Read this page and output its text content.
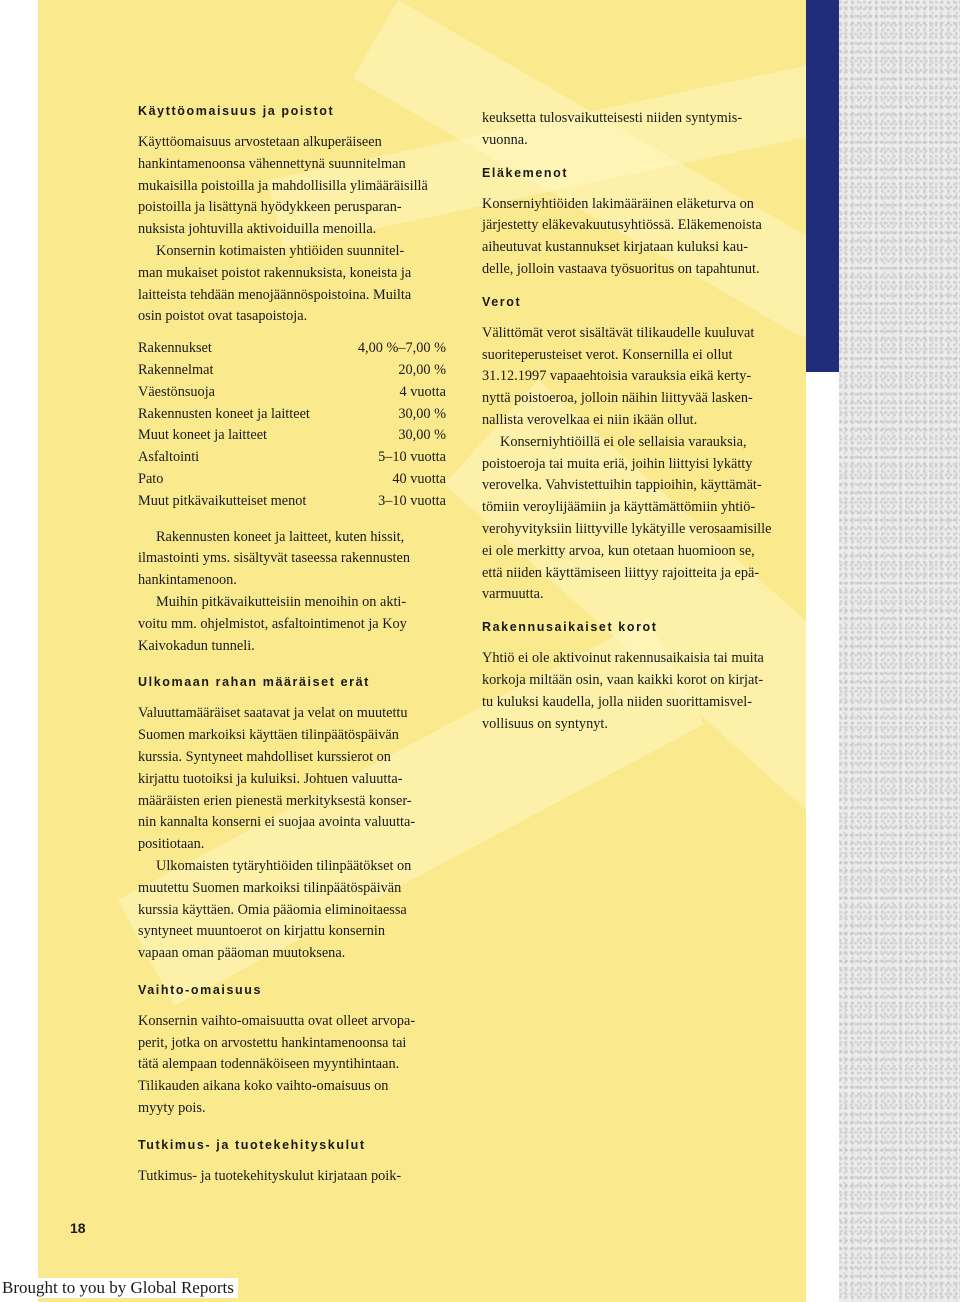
Käyttöomaisuus ja poistot

Käyttöomaisuus arvostetaan alkuperäiseen
hankintamenoonsa vähennettynä suunnitelman
mukaisilla poistoilla ja mahdollisilla ylimääräisillä
poistoilla ja lisättynä hyödykkeen perusparan-
nuksista johtuvilla aktivoiduilla menoilla.

Konsernin kotimaisten yhtiöiden suunnitel-
man mukaiset poistot rakennuksista, koneista ja
laitteista tehdään menojäännöspoistoina. Muilta
osin poistot ovat tasapoistoja.

Rakennukset	4,00 %–7,00 %
Rakennelmat	20,00 %
Väestönsuoja	4 vuotta
Rakennusten koneet ja laitteet	30,00 %
Muut koneet ja laitteet	30,00 %
Asfaltointi	5–10 vuotta
Pato	40 vuotta
Muut pitkävaikutteiset menot	3–10 vuotta

Rakennusten koneet ja laitteet, kuten hissit,
ilmastointi yms. sisältyvät taseessa rakennusten
hankintamenoon.

Muihin pitkävaikutteisiin menoihin on akti-
voitu mm. ohjelmistot, asfaltointimenot ja Koy
Kaivokadun tunneli.

Ulkomaan rahan määräiset erät

Valuuttamääräiset saatavat ja velat on muutettu
Suomen markoiksi käyttäen tilinpäätöspäivän
kurssia. Syntyneet mahdolliset kurssierot on
kirjattu tuotoiksi ja kuluiksi. Johtuen valuutta-
määräisten erien pienestä merkityksestä konser-
nin kannalta konserni ei suojaa avointa valuutta-
positiotaan.

Ulkomaisten tytäryhtiöiden tilinpäätökset on
muutettu Suomen markoiksi tilinpäätöspäivän
kurssia käyttäen. Omia pääomia eliminoitaessa
syntyneet muuntoerot on kirjattu konsernin
vapaan oman pääoman muutoksena.

Vaihto-omaisuus

Konsernin vaihto-omaisuutta ovat olleet arvopa-
perit, jotka on arvostettu hankintamenoonsa tai
tätä alempaan todennäköiseen myyntihintaan.
Tilikauden aikana koko vaihto-omaisuus on
myyty pois.

Tutkimus- ja tuotekehityskulut

Tutkimus- ja tuotekehityskulut kirjataan poik-

keuksetta tulosvaikutteisesti niiden syntymis-
vuonna.

Eläkemenot

Konserniyhtiöiden lakimääräinen eläketurva on
järjestetty eläkevakuutusyhtiössä. Eläkemenoista
aiheutuvat kustannukset kirjataan kuluksi kau-
delle, jolloin vastaava työsuoritus on tapahtunut.

Verot

Välittömät verot sisältävät tilikaudelle kuuluvat
suoriteperusteiset verot. Konsernilla ei ollut
31.12.1997 vapaaehtoisia varauksia eikä kerty-
nyttä poistoeroa, jolloin näihin liittyvää lasken-
nallista verovelkaa ei niin ikään ollut.

Konserniyhtiöillä ei ole sellaisia varauksia,
poistoeroja tai muita eriä, joihin liittyisi lykätty
verovelka. Vahvistettuihin tappioihin, käyttämät-
tömiin veroylijäämiin ja käyttämättömiin yhtiö-
verohyvityksiin liittyville lykätyille verosaamisille
ei ole merkitty arvoa, kun otetaan huomioon se,
että niiden käyttämiseen liittyy rajoitteita ja epä-
varmuutta.

Rakennusaikaiset korot

Yhtiö ei ole aktivoinut rakennusaikaisia tai muita
korkoja miltään osin, vaan kaikki korot on kirjat-
tu kuluksi kaudella, jolla niiden suorittamisvel-
vollisuus on syntynyt.

18
Brought to you by Global Reports
